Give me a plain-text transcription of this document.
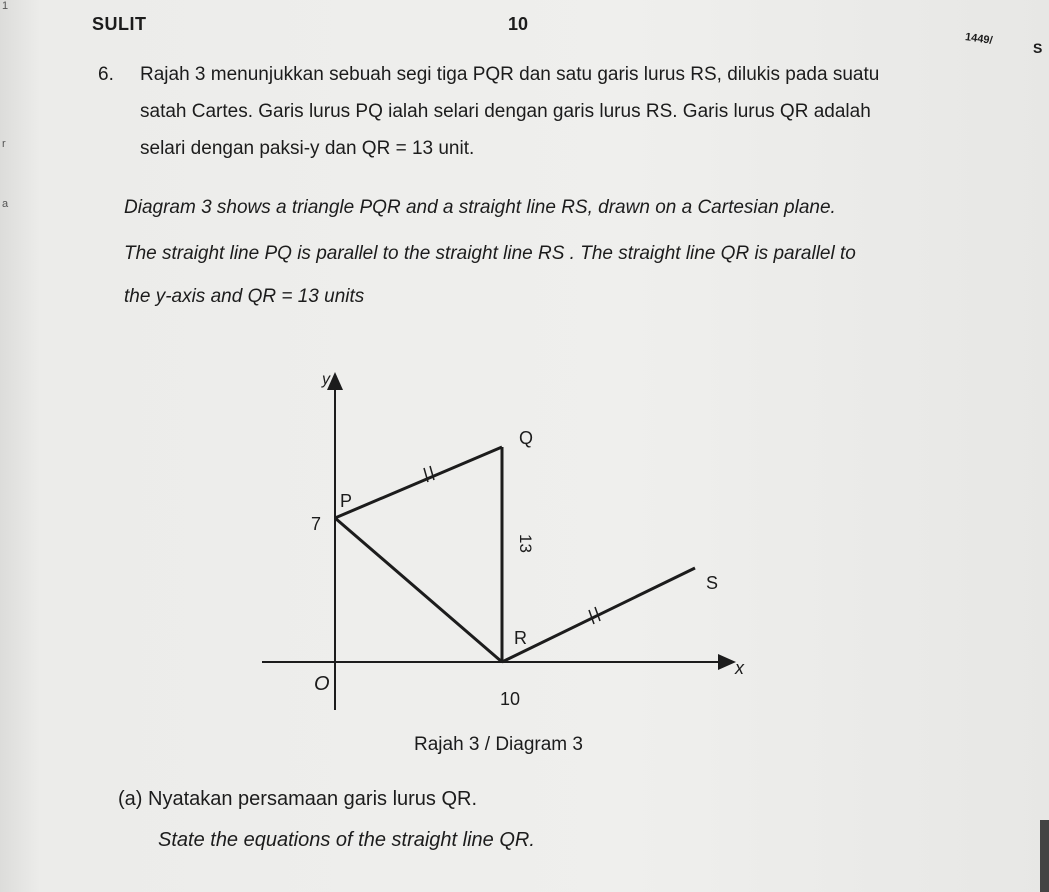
SULIT	10
1449/
S
1
r
a
6. Rajah 3 menunjukkan sebuah segi tiga PQR dan satu garis lurus RS, dilukis pada suatu
satah Cartes. Garis lurus PQ ialah selari dengan garis lurus RS. Garis lurus QR adalah
selari dengan paksi-y dan QR = 13 unit.
Diagram 3 shows a triangle PQR and a straight line RS, drawn on a Cartesian plane.
The straight line PQ is parallel to the straight line RS . The straight line QR is parallel to
the y-axis and QR = 13 units
y
x
O
Q
P
R
S
7
10
13
Rajah 3 / Diagram 3
(a) Nyatakan persamaan garis lurus QR.
State the equations of the straight line QR.
